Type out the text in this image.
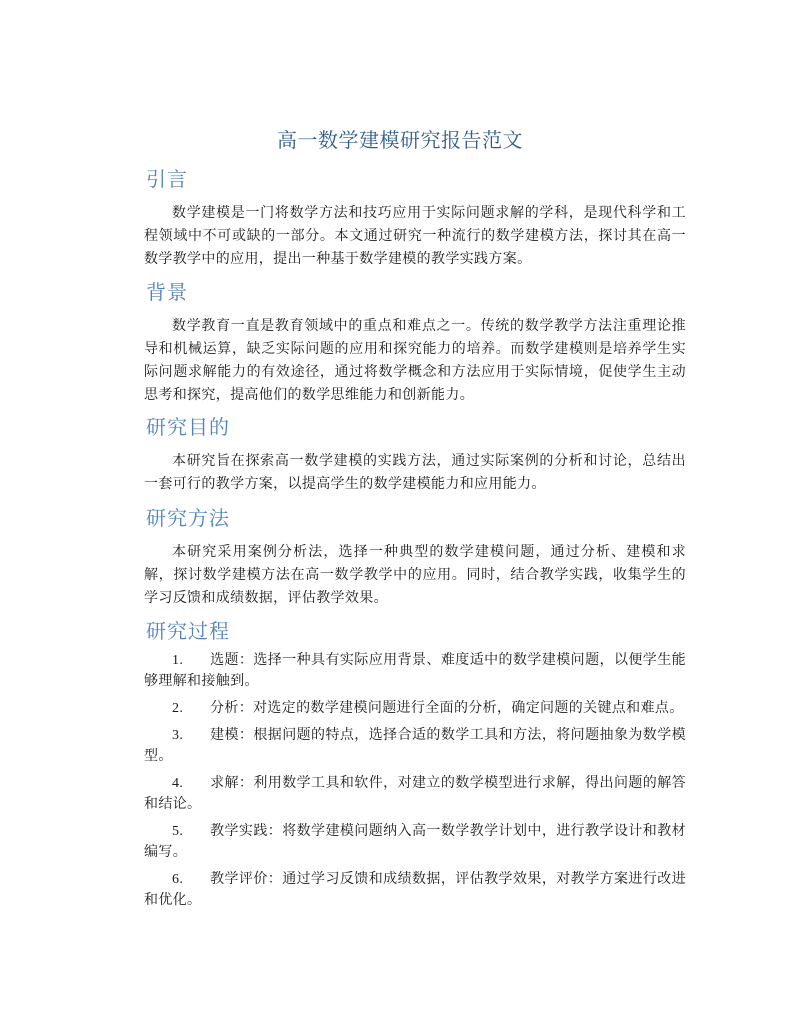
高一数学建模研究报告范文
引言

数学建模是一门将数学方法和技巧应用于实际问题求解的学科，是现代科学和工程领域中不可或缺的一部分。本文通过研究一种流行的数学建模方法，探讨其在高一数学教学中的应用，提出一种基于数学建模的教学实践方案。

背景

数学教育一直是教育领域中的重点和难点之一。传统的数学教学方法注重理论推导和机械运算，缺乏实际问题的应用和探究能力的培养。而数学建模则是培养学生实际问题求解能力的有效途径，通过将数学概念和方法应用于实际情境，促使学生主动思考和探究，提高他们的数学思维能力和创新能力。

研究目的

本研究旨在探索高一数学建模的实践方法，通过实际案例的分析和讨论，总结出一套可行的教学方案，以提高学生的数学建模能力和应用能力。

研究方法

本研究采用案例分析法，选择一种典型的数学建模问题，通过分析、建模和求解，探讨数学建模方法在高一数学教学中的应用。同时，结合教学实践，收集学生的学习反馈和成绩数据，评估教学效果。

研究过程
1. 选题：选择一种具有实际应用背景、难度适中的数学建模问题，以便学生能够理解和接触到。
2. 分析：对选定的数学建模问题进行全面的分析，确定问题的关键点和难点。
3. 建模：根据问题的特点，选择合适的数学工具和方法，将问题抽象为数学模型。
4. 求解：利用数学工具和软件，对建立的数学模型进行求解，得出问题的解答和结论。
5. 教学实践：将数学建模问题纳入高一数学教学计划中，进行教学设计和教材编写。
6. 教学评价：通过学习反馈和成绩数据，评估教学效果，对教学方案进行改进和优化。
